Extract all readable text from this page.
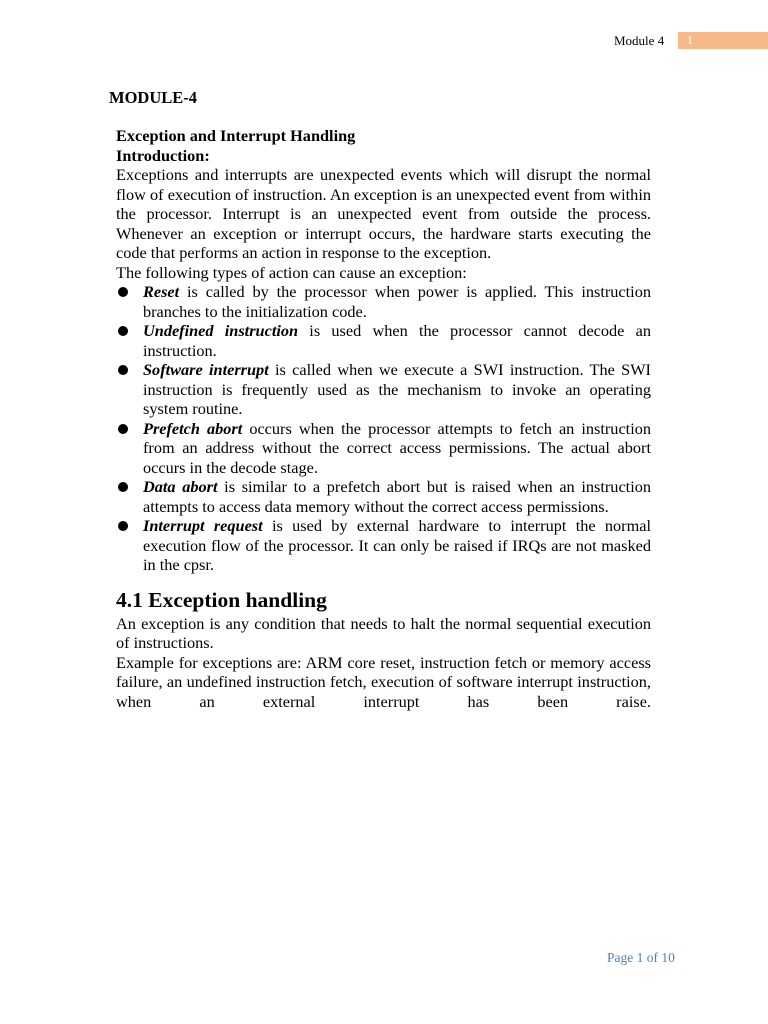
Module 4	1
MODULE-4

Exception and Interrupt Handling

Introduction:

Exceptions and interrupts are unexpected events which will disrupt the normal flow of execution of instruction. An exception is an unexpected event from within the processor. Interrupt is an unexpected event from outside the process. Whenever an exception or interrupt occurs, the hardware starts executing the code that performs an action in response to the exception.

The following types of action can cause an exception:

Reset is called by the processor when power is applied. This instruction branches to the initialization code.
Undefined instruction is used when the processor cannot decode an instruction.
Software interrupt is called when we execute a SWI instruction. The SWI instruction is frequently used as the mechanism to invoke an operating system routine.
Prefetch abort occurs when the processor attempts to fetch an instruction from an address without the correct access permissions. The actual abort occurs in the decode stage.
Data abort is similar to a prefetch abort but is raised when an instruction attempts to access data memory without the correct access permissions.
Interrupt request is used by external hardware to interrupt the normal execution flow of the processor. It can only be raised if IRQs are not masked in the cpsr.
4.1 Exception handling

An exception is any condition that needs to halt the normal sequential execution of instructions.

Example for exceptions are: ARM core reset, instruction fetch or memory access failure, an undefined instruction fetch, execution of software interrupt instruction, when an external interrupt has been raise.

Page 1 of 10
